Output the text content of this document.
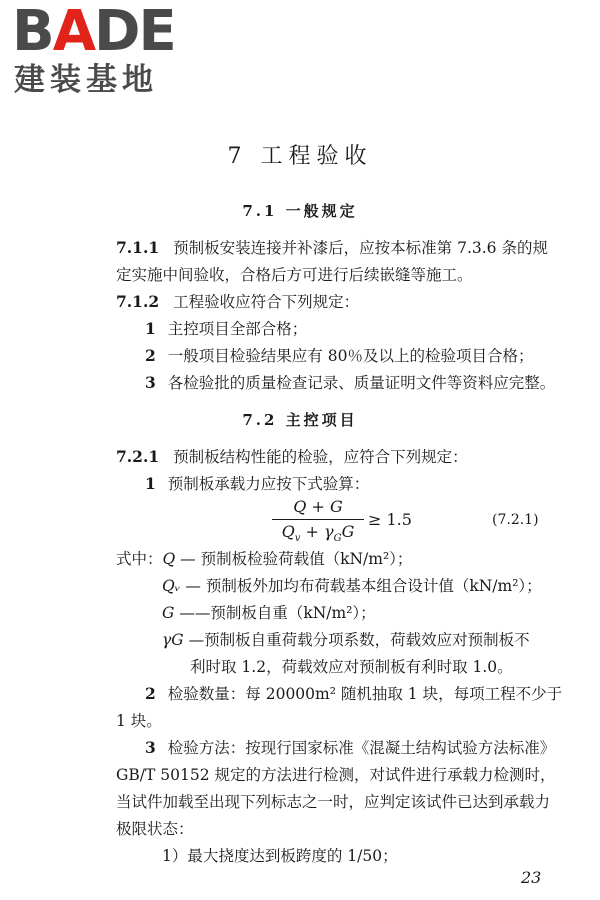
BADE
建装基地
7 工程验收
7.1 一般规定
7.1.1 预制板安装连接并补漆后，应按本标准第 7.3.6 条的规
定实施中间验收，合格后方可进行后续嵌缝等施工。
7.1.2 工程验收应符合下列规定：
1 主控项目全部合格；
2 一般项目检验结果应有 80％及以上的检验项目合格；
3 各检验批的质量检查记录、质量证明文件等资料应完整。
7.2 主控项目
7.2.1 预制板结构性能的检验，应符合下列规定：
1 预制板承载力应按下式验算：
Q + G
$Q_v + \gamma_GG$
≥ 1.5	(7.2.1)
式中：Q — 预制板检验荷载值（kN/m²）；
Qᵥ — 预制板外加均布荷载基本组合设计值（kN/m²）；
G ——预制板自重（kN/m²）；
γG —预制板自重荷载分项系数，荷载效应对预制板不
利时取 1.2，荷载效应对预制板有利时取 1.0。
2 检验数量：每 20000m² 随机抽取 1 块，每项工程不少于
1 块。
3 检验方法：按现行国家标准《混凝土结构试验方法标准》
GB/T 50152 规定的方法进行检测，对试件进行承载力检测时，
当试件加载至出现下列标志之一时，应判定该试件已达到承载力
极限状态：
1）最大挠度达到板跨度的 1/50；
23
